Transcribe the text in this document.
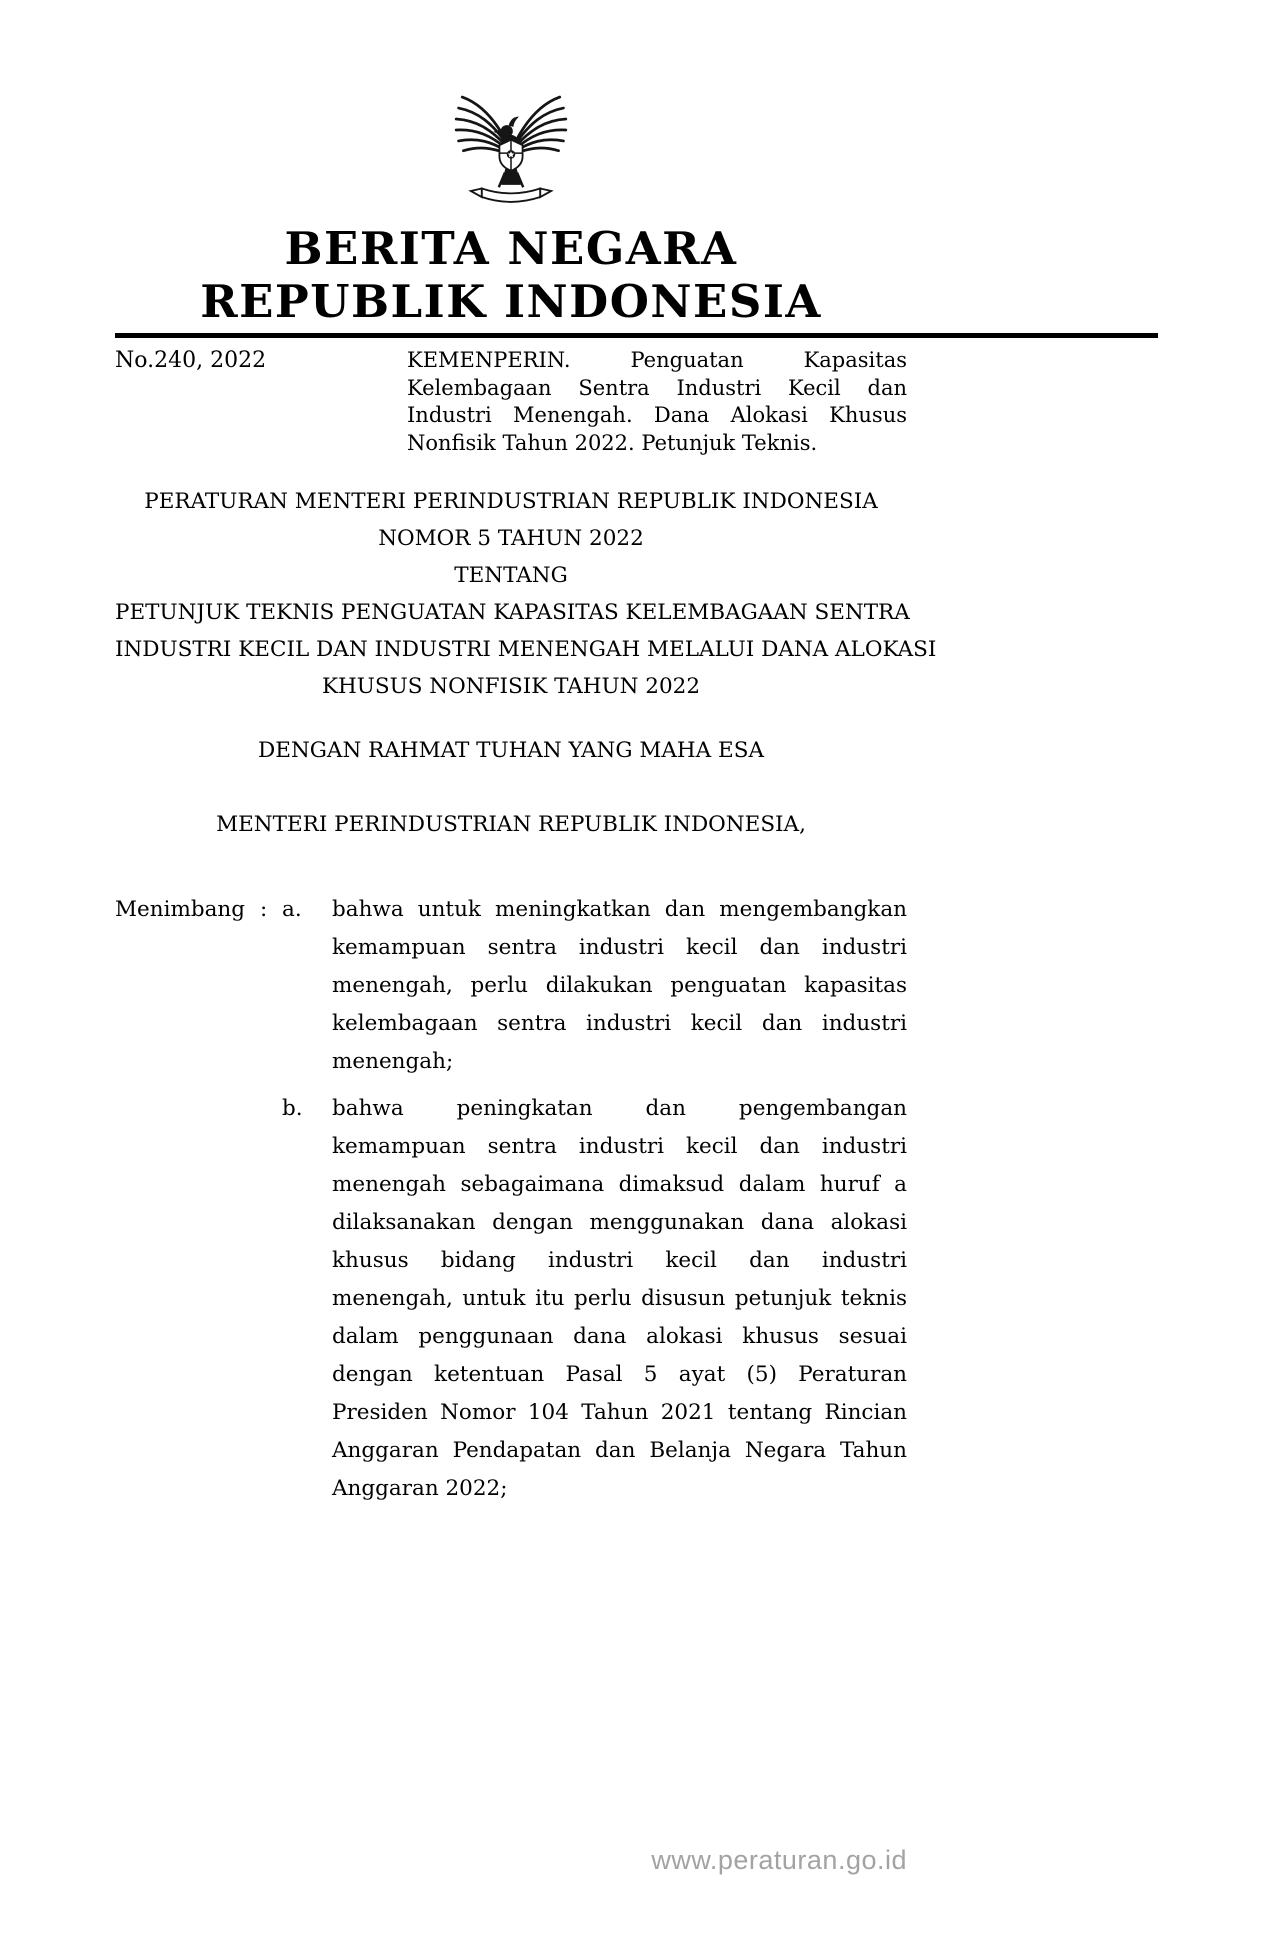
BERITA NEGARA
REPUBLIK INDONESIA
No.240, 2022	KEMENPERIN. Penguatan Kapasitas Kelembagaan Sentra Industri Kecil dan Industri Menengah. Dana Alokasi Khusus Nonfisik Tahun 2022. Petunjuk Teknis.
PERATURAN MENTERI PERINDUSTRIAN REPUBLIK INDONESIA
NOMOR 5 TAHUN 2022
TENTANG
PETUNJUK TEKNIS PENGUATAN KAPASITAS KELEMBAGAAN SENTRA
INDUSTRI KECIL DAN INDUSTRI MENENGAH MELALUI DANA ALOKASI
KHUSUS NONFISIK TAHUN 2022
DENGAN RAHMAT TUHAN YANG MAHA ESA
MENTERI PERINDUSTRIAN REPUBLIK INDONESIA,
Menimbang : a.	bahwa untuk meningkatkan dan mengembangkan kemampuan sentra industri kecil dan industri menengah, perlu dilakukan penguatan kapasitas kelembagaan sentra industri kecil dan industri menengah;
b.	bahwa peningkatan dan pengembangan kemampuan sentra industri kecil dan industri menengah sebagaimana dimaksud dalam huruf a dilaksanakan dengan menggunakan dana alokasi khusus bidang industri kecil dan industri menengah, untuk itu perlu disusun petunjuk teknis dalam penggunaan dana alokasi khusus sesuai dengan ketentuan Pasal 5 ayat (5) Peraturan Presiden Nomor 104 Tahun 2021 tentang Rincian Anggaran Pendapatan dan Belanja Negara Tahun Anggaran 2022;
www.peraturan.go.id
